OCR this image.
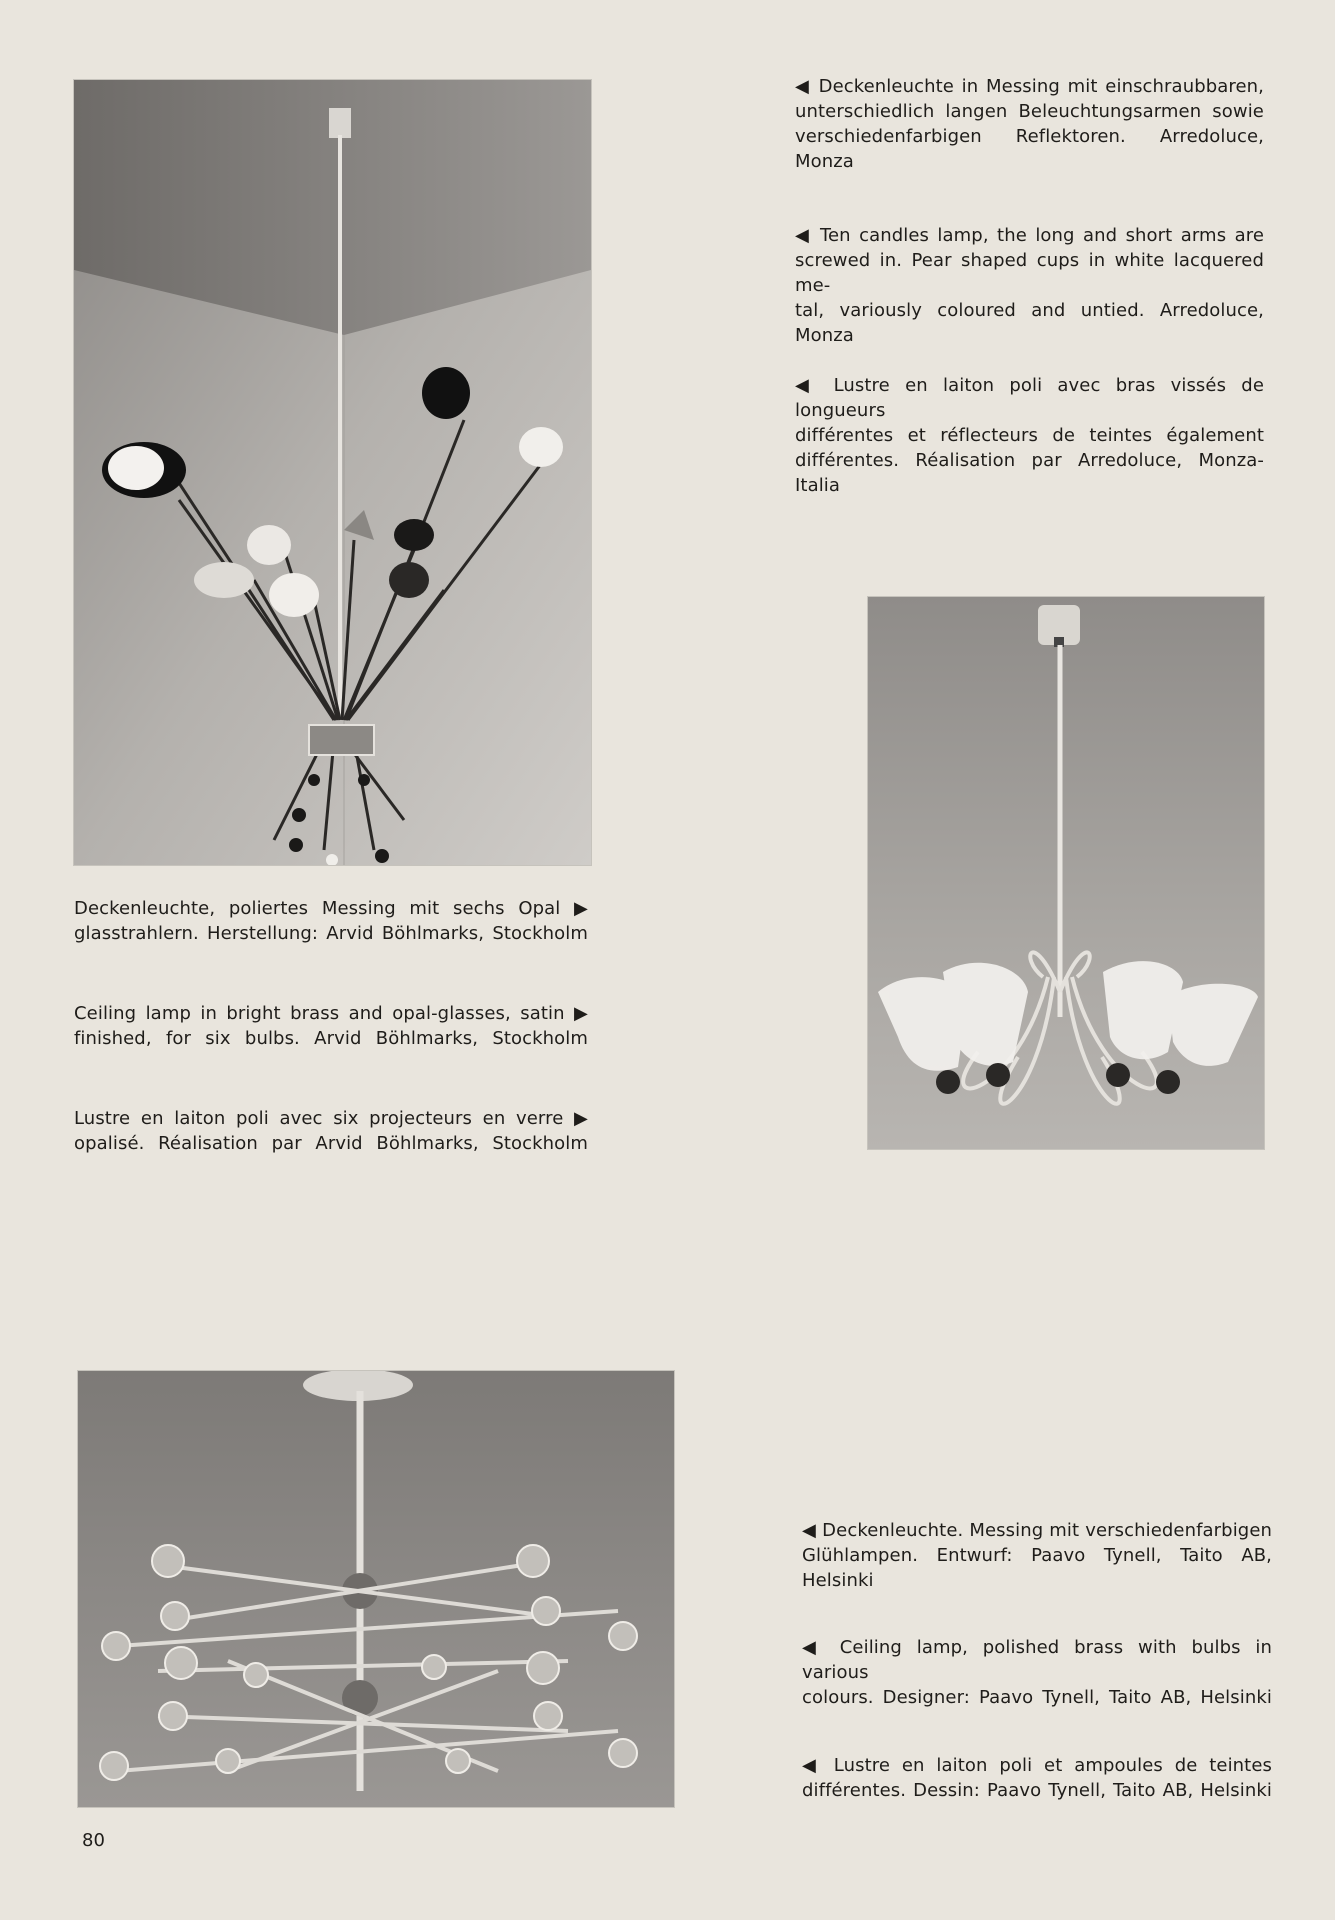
◀ Deckenleuchte in Messing mit einschraubbaren,
unterschiedlich langen Beleuchtungsarmen sowie
verschiedenfarbigen Reflektoren. Arredoluce, Monza
◀ Ten candles lamp, the long and short arms are
screwed in. Pear shaped cups in white lacquered me-
tal, variously coloured and untied. Arredoluce, Monza
◀ Lustre en laiton poli avec bras vissés de longueurs
différentes et réflecteurs de teintes également
différentes. Réalisation par Arredoluce, Monza-Italia
Deckenleuchte, poliertes Messing mit sechs Opal ▶
glasstrahlern. Herstellung: Arvid Böhlmarks, Stockholm
Ceiling lamp in bright brass and opal-glasses, satin ▶
finished, for six bulbs. Arvid Böhlmarks, Stockholm
Lustre en laiton poli avec six projecteurs en verre ▶
opalisé. Réalisation par Arvid Böhlmarks, Stockholm
◀ Deckenleuchte. Messing mit verschiedenfarbigen
Glühlampen. Entwurf: Paavo Tynell, Taito AB, Helsinki
◀ Ceiling lamp, polished brass with bulbs in various
colours. Designer: Paavo Tynell, Taito AB, Helsinki
◀ Lustre en laiton poli et ampoules de teintes
différentes. Dessin: Paavo Tynell, Taito AB, Helsinki
80
